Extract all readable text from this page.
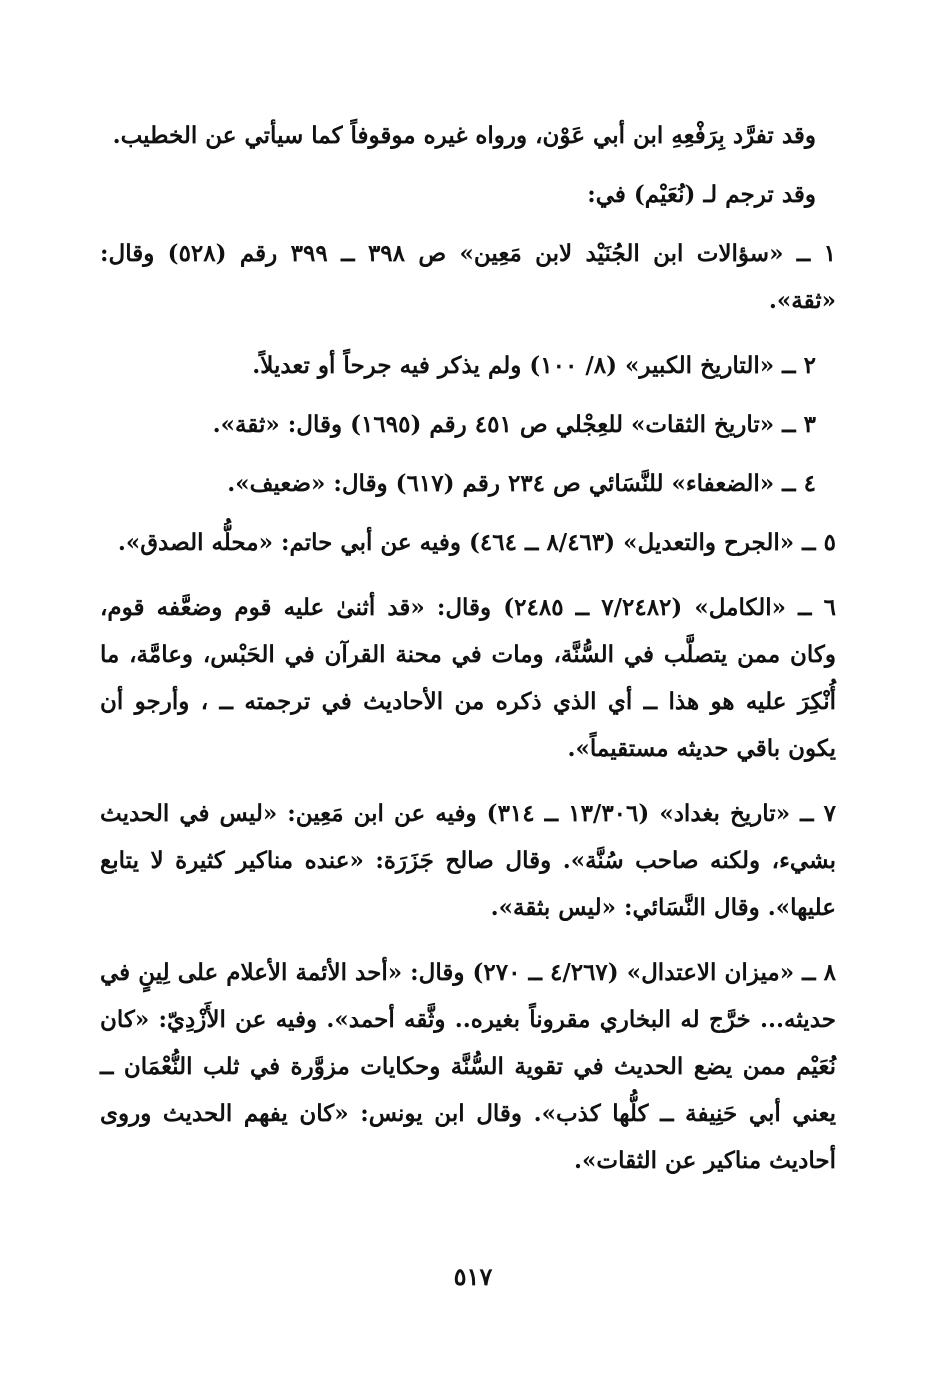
وقد تفرَّد بِرَفْعِهِ ابن أبي عَوْن، ورواه غيره موقوفاً كما سيأتي عن الخطيب.

وقد ترجم لـ (نُعَيْم) في:

١ ــ «سؤالات ابن الجُنَيْد لابن مَعِين» ص ٣٩٨ ــ ٣٩٩ رقم (٥٢٨) وقال: «ثقة».

٢ ــ «التاريخ الكبير» (٨/ ١٠٠) ولم يذكر فيه جرحاً أو تعديلاً.

٣ ــ «تاريخ الثقات» للعِجْلي ص ٤٥١ رقم (١٦٩٥) وقال: «ثقة».

٤ ــ «الضعفاء» للنَّسَائي ص ٢٣٤ رقم (٦١٧) وقال: «ضعيف».

٥ ــ «الجرح والتعديل» (٨/٤٦٣ ــ ٤٦٤) وفيه عن أبي حاتم: «محلُّه الصدق».

٦ ــ «الكامل» (٧/٢٤٨٢ ــ ٢٤٨٥) وقال: «قد أثنىٰ عليه قوم وضعَّفه قوم، وكان ممن يتصلَّب في السُّنَّة، ومات في محنة القرآن في الحَبْس، وعامَّة، ما أُنْكِرَ عليه هو هذا ــ أي الذي ذكره من الأحاديث في ترجمته ــ ، وأرجو أن يكون باقي حديثه مستقيماً».

٧ ــ «تاريخ بغداد» (١٣/٣٠٦ ــ ٣١٤) وفيه عن ابن مَعِين: «ليس في الحديث بشيء، ولكنه صاحب سُنَّة». وقال صالح جَزَرَة: «عنده مناكير كثيرة لا يتابع عليها». وقال النَّسَائي: «ليس بثقة».

٨ ــ «ميزان الاعتدال» (٤/٢٦٧ ــ ٢٧٠) وقال: «أحد الأئمة الأعلام على لِينٍ في حديثه... خرَّج له البخاري مقروناً بغيره.. وثَّقه أحمد». وفيه عن الأَزْدِيّ: «كان نُعَيْم ممن يضع الحديث في تقوية السُّنَّة وحكايات مزوَّرة في ثلب النُّعْمَان ــ يعني أبي حَنِيفة ــ كلُّها كذب». وقال ابن يونس: «كان يفهم الحديث وروى أحاديث مناكير عن الثقات».

٥١٧
